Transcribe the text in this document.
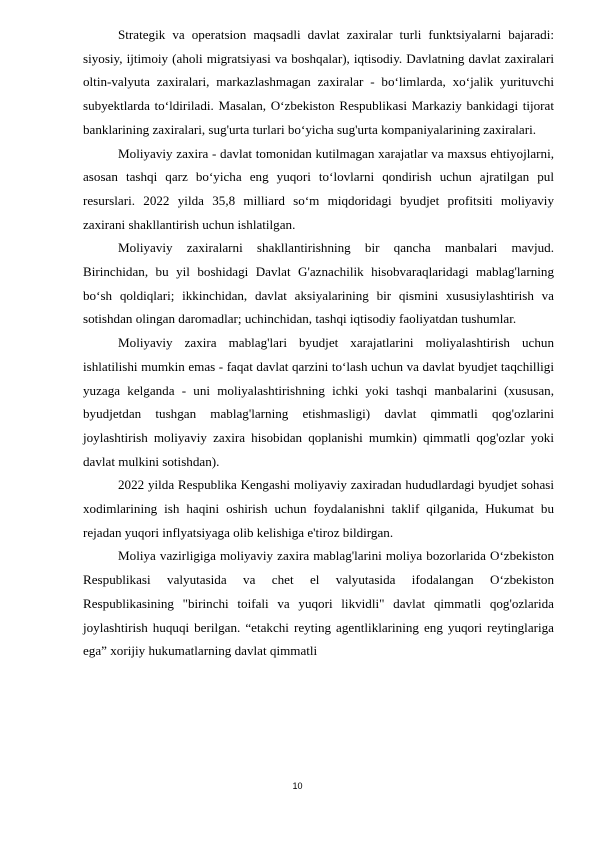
Strategik va operatsion maqsadli davlat zaxiralar turli funktsiyalarni bajaradi: siyosiy, ijtimoiy (aholi migratsiyasi va boshqalar), iqtisodiy. Davlatning davlat zaxiralari oltin-valyuta zaxiralari, markazlashmagan zaxiralar - bo‘limlarda, xo‘jalik yurituvchi subyektlarda to‘ldiriladi. Masalan, O‘zbekiston Respublikasi Markaziy bankidagi tijorat banklarining zaxiralari, sug'urta turlari bo‘yicha sug'urta kompaniyalarining zaxiralari.

Moliyaviy zaxira - davlat tomonidan kutilmagan xarajatlar va maxsus ehtiyojlarni, asosan tashqi qarz bo‘yicha eng yuqori to‘lovlarni qondirish uchun ajratilgan pul resurslari. 2022 yilda 35,8 milliard so‘m miqdoridagi byudjet profitsiti moliyaviy zaxirani shakllantirish uchun ishlatilgan.

Moliyaviy zaxiralarni shakllantirishning bir qancha manbalari mavjud. Birinchidan, bu yil boshidagi Davlat G'aznachilik hisobvaraqlaridagi mablag'larning bo‘sh qoldiqlari; ikkinchidan, davlat aksiyalarining bir qismini xususiylashtirish va sotishdan olingan daromadlar; uchinchidan, tashqi iqtisodiy faoliyatdan tushumlar.

Moliyaviy zaxira mablag'lari byudjet xarajatlarini moliyalashtirish uchun ishlatilishi mumkin emas - faqat davlat qarzini to‘lash uchun va davlat byudjet taqchilligi yuzaga kelganda - uni moliyalashtirishning ichki yoki tashqi manbalarini (xususan, byudjetdan tushgan mablag'larning etishmasligi) davlat qimmatli qog'ozlarini joylashtirish moliyaviy zaxira hisobidan qoplanishi mumkin) qimmatli qog'ozlar yoki davlat mulkini sotishdan).

2022 yilda Respublika Kengashi moliyaviy zaxiradan hududlardagi byudjet sohasi xodimlarining ish haqini oshirish uchun foydalanishni taklif qilganida, Hukumat bu rejadan yuqori inflyatsiyaga olib kelishiga e'tiroz bildirgan.

Moliya vazirligiga moliyaviy zaxira mablag'larini moliya bozorlarida O‘zbekiston Respublikasi valyutasida va chet el valyutasida ifodalangan O‘zbekiston Respublikasining "birinchi toifali va yuqori likvidli" davlat qimmatli qog'ozlarida joylashtirish huquqi berilgan. “etakchi reyting agentliklarining eng yuqori reytinglariga ega” xorijiy hukumatlarning davlat qimmatli

10
